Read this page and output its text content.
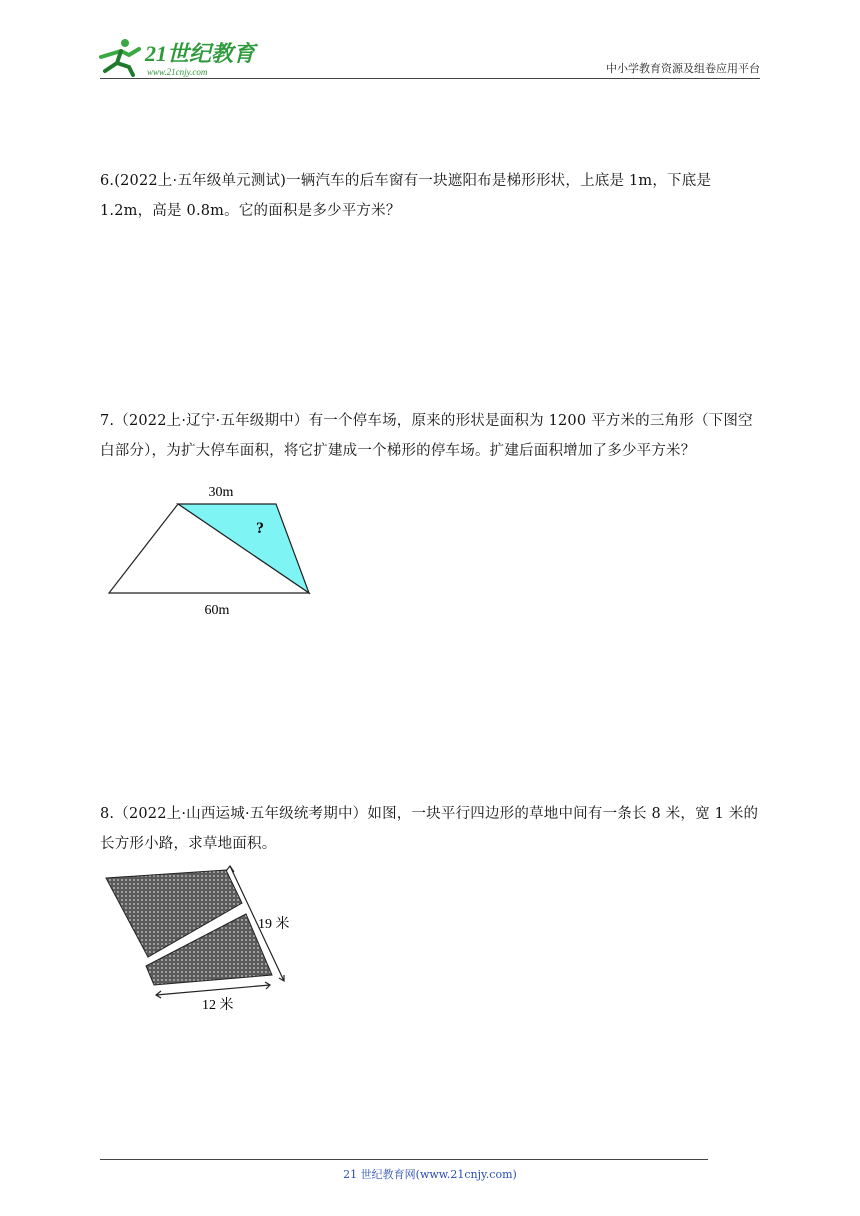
21世纪教育
www.21cnjy.com	中小学教育资源及组卷应用平台
6.(2022上·五年级单元测试)一辆汽车的后车窗有一块遮阳布是梯形形状，上底是 1m，下底是 1.2m，高是 0.8m。它的面积是多少平方米？
7.（2022上·辽宁·五年级期中）有一个停车场，原来的形状是面积为 1200 平方米的三角形（下图空白部分），为扩大停车面积，将它扩建成一个梯形的停车场。扩建后面积增加了多少平方米？
30m
?
60m
8.（2022上·山西运城·五年级统考期中）如图，一块平行四边形的草地中间有一条长 8 米，宽 1 米的长方形小路，求草地面积。
19 米
12 米
21 世纪教育网(www.21cnjy.com)
